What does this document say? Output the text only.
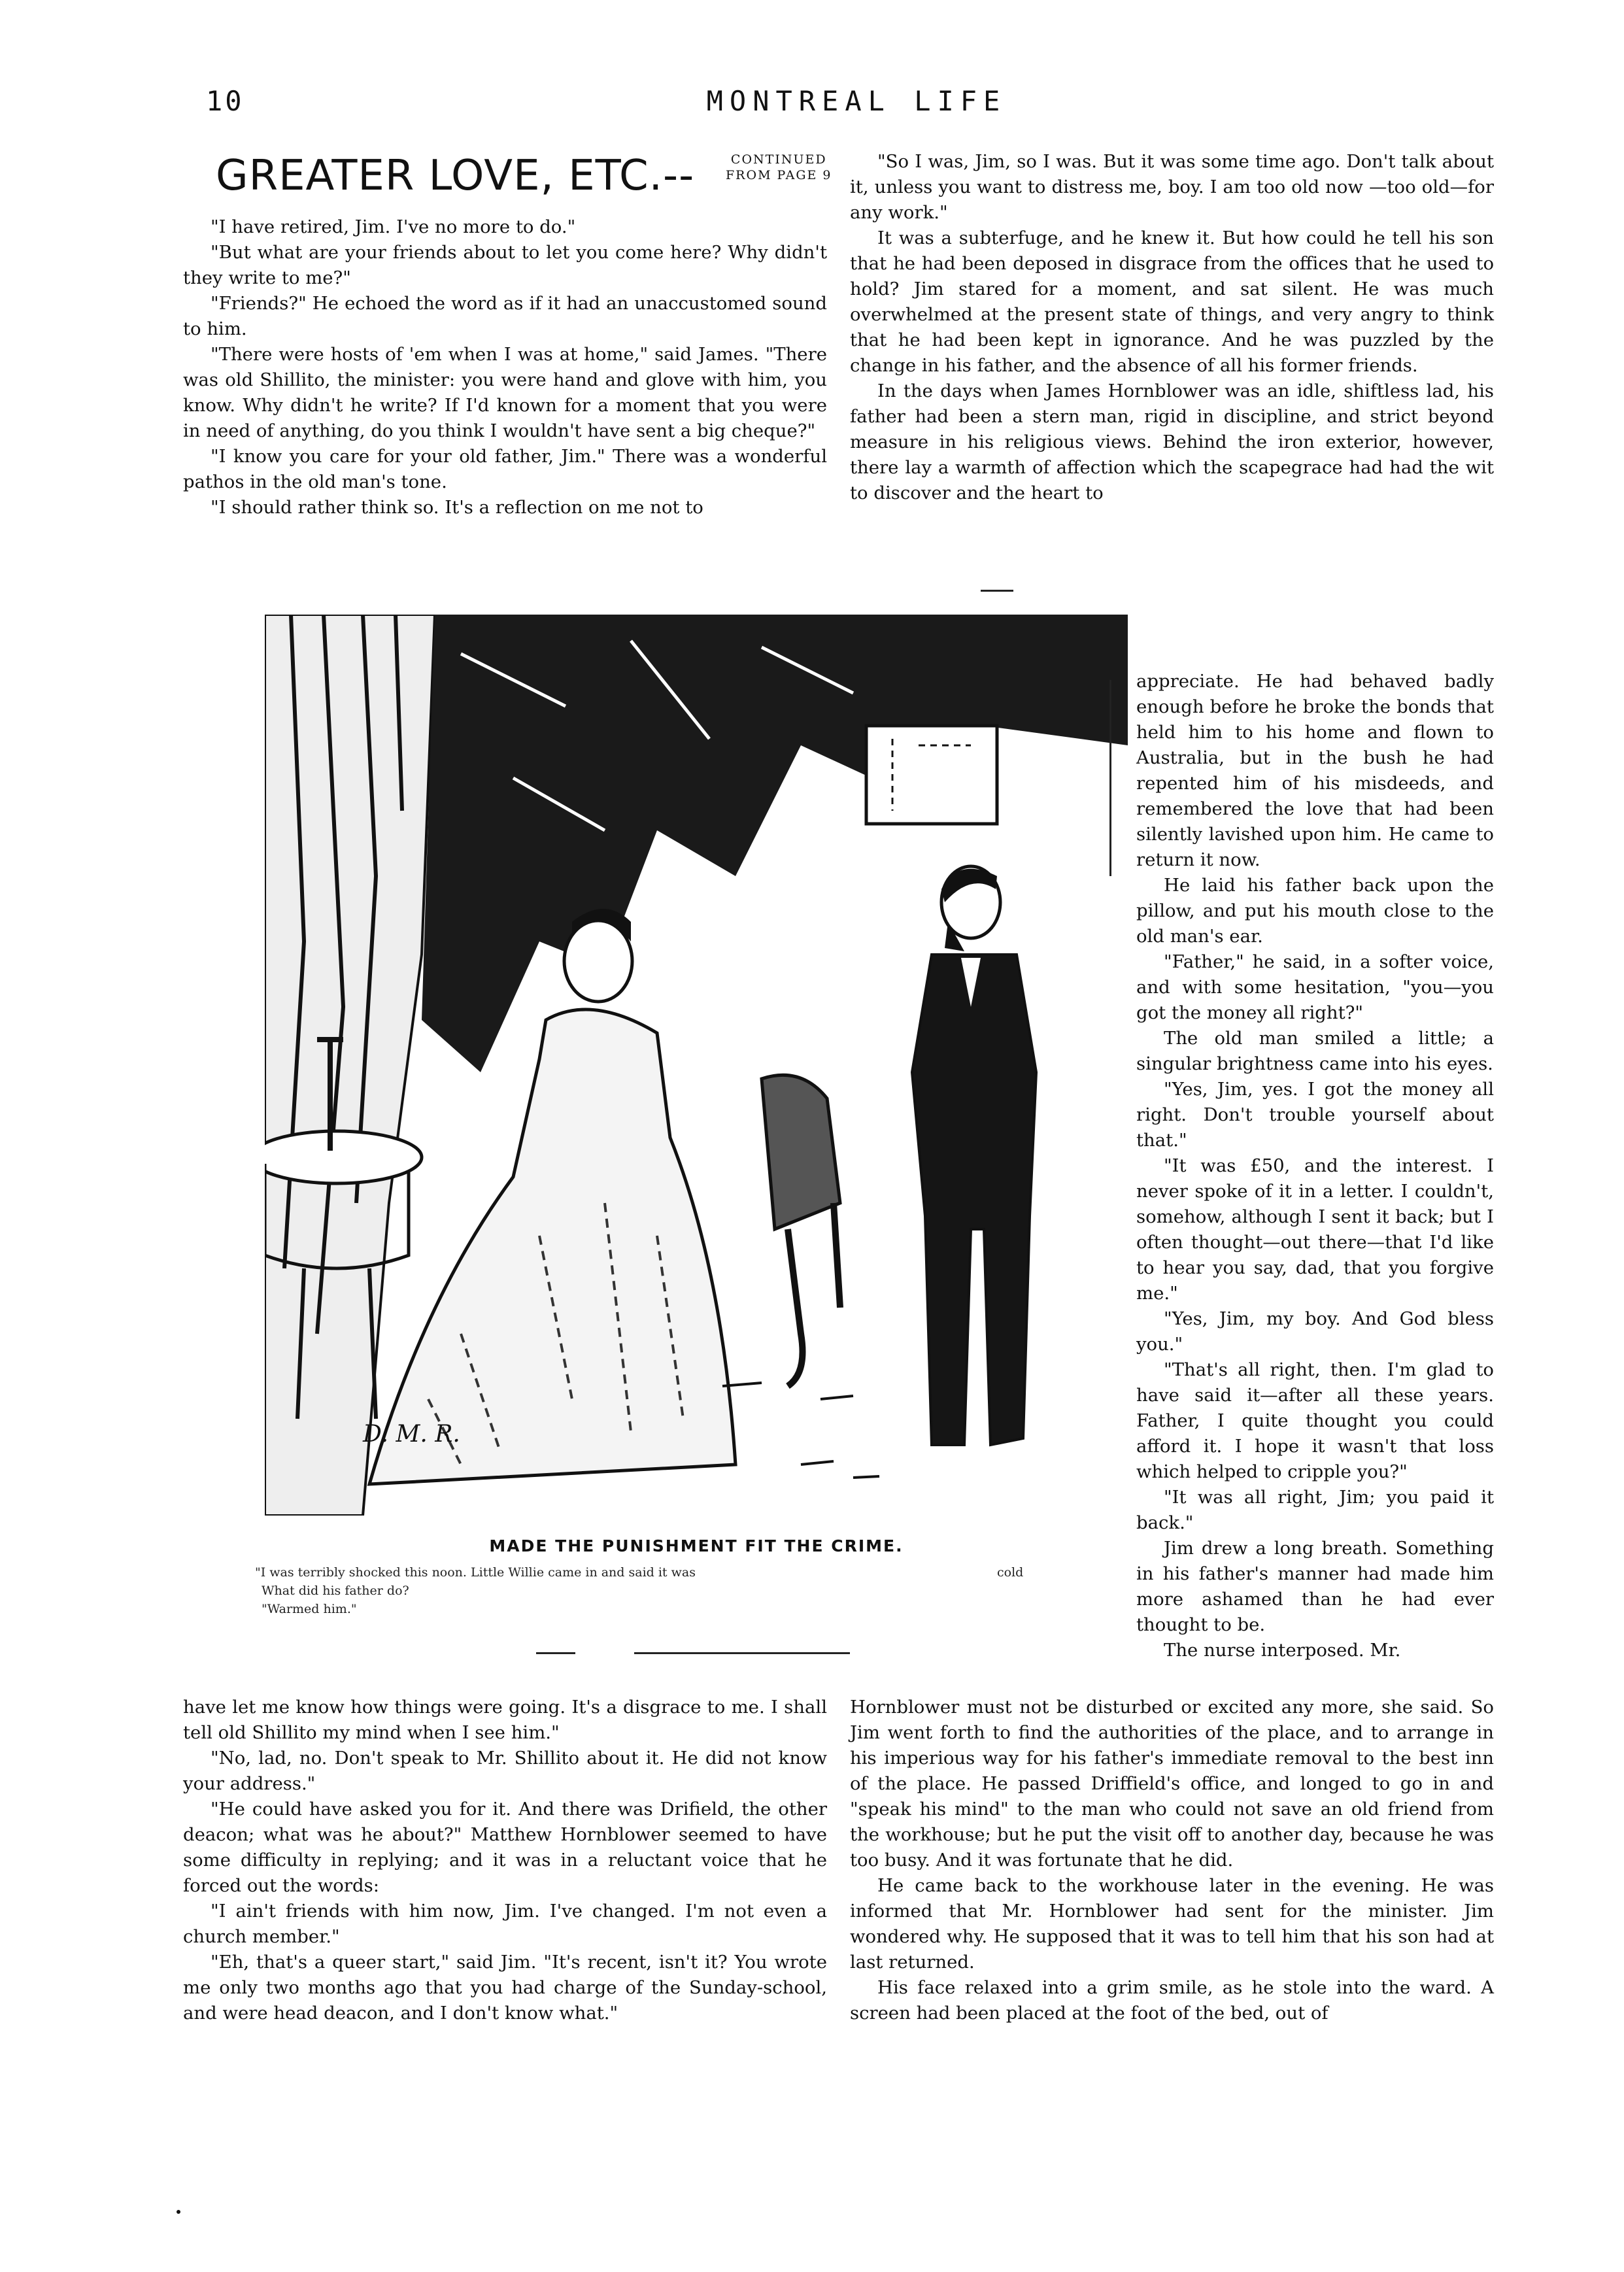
10	MONTREAL LIFE
GREATER LOVE, ETC.--	CONTINUED
FROM PAGE 9

"I have retired, Jim. I've no more to do."

"But what are your friends about to let you come here? Why didn't they write to me?"

"Friends?" He echoed the word as if it had an unaccustomed sound to him.

"There were hosts of 'em when I was at home," said James. "There was old Shillito, the minister: you were hand and glove with him, you know. Why didn't he write? If I'd known for a moment that you were in need of anything, do you think I wouldn't have sent a big cheque?"

"I know you care for your old father, Jim." There was a wonderful pathos in the old man's tone.

"I should rather think so. It's a reflection on me not to

"So I was, Jim, so I was. But it was some time ago. Don't talk about it, unless you want to distress me, boy. I am too old now —too old—for any work."

It was a subterfuge, and he knew it. But how could he tell his son that he had been deposed in disgrace from the offices that he used to hold? Jim stared for a moment, and sat silent. He was much overwhelmed at the present state of things, and very angry to think that he had been kept in ignorance. And he was puzzled by the change in his father, and the absence of all his former friends.

In the days when James Hornblower was an idle, shiftless lad, his father had been a stern man, rigid in discipline, and strict beyond measure in his religious views. Behind the iron exterior, however, there lay a warmth of affection which the scapegrace had had the wit to discover and the heart to

D. M. R.

appreciate. He had behaved badly enough before he broke the bonds that held him to his home and flown to Australia, but in the bush he had repented him of his misdeeds, and remembered the love that had been silently lavished upon him. He came to return it now.

He laid his father back upon the pillow, and put his mouth close to the old man's ear.

"Father," he said, in a softer voice, and with some hesitation, "you—you got the money all right?"

The old man smiled a little; a singular brightness came into his eyes.

"Yes, Jim, yes. I got the money all right. Don't trouble yourself about that."

"It was £50, and the interest. I never spoke of it in a letter. I couldn't, somehow, although I sent it back; but I often thought—out there—that I'd like to hear you say, dad, that you forgive me."

"Yes, Jim, my boy. And God bless you."

"That's all right, then. I'm glad to have said it—after all these years. Father, I quite thought you could afford it. I hope it wasn't that loss which helped to cripple you?"

"It was all right, Jim; you paid it back."

Jim drew a long breath. Something in his father's manner had made him more ashamed than he had ever thought to be.

The nurse interposed. Mr.

MADE THE PUNISHMENT FIT THE CRIME.
"I was terribly shocked this noon. Little Willie came in and said it was	cold
What did his father do?
"Warmed him."

have let me know how things were going. It's a disgrace to me. I shall tell old Shillito my mind when I see him."

"No, lad, no. Don't speak to Mr. Shillito about it. He did not know your address."

"He could have asked you for it. And there was Drifield, the other deacon; what was he about?" Matthew Hornblower seemed to have some difficulty in replying; and it was in a reluctant voice that he forced out the words:

"I ain't friends with him now, Jim. I've changed. I'm not even a church member."

"Eh, that's a queer start," said Jim. "It's recent, isn't it? You wrote me only two months ago that you had charge of the Sunday-school, and were head deacon, and I don't know what."

Hornblower must not be disturbed or excited any more, she said. So Jim went forth to find the authorities of the place, and to arrange in his imperious way for his father's immediate removal to the best inn of the place. He passed Driffield's office, and longed to go in and "speak his mind" to the man who could not save an old friend from the workhouse; but he put the visit off to another day, because he was too busy. And it was fortunate that he did.

He came back to the workhouse later in the evening. He was informed that Mr. Hornblower had sent for the minister. Jim wondered why. He supposed that it was to tell him that his son had at last returned.

His face relaxed into a grim smile, as he stole into the ward. A screen had been placed at the foot of the bed, out of
